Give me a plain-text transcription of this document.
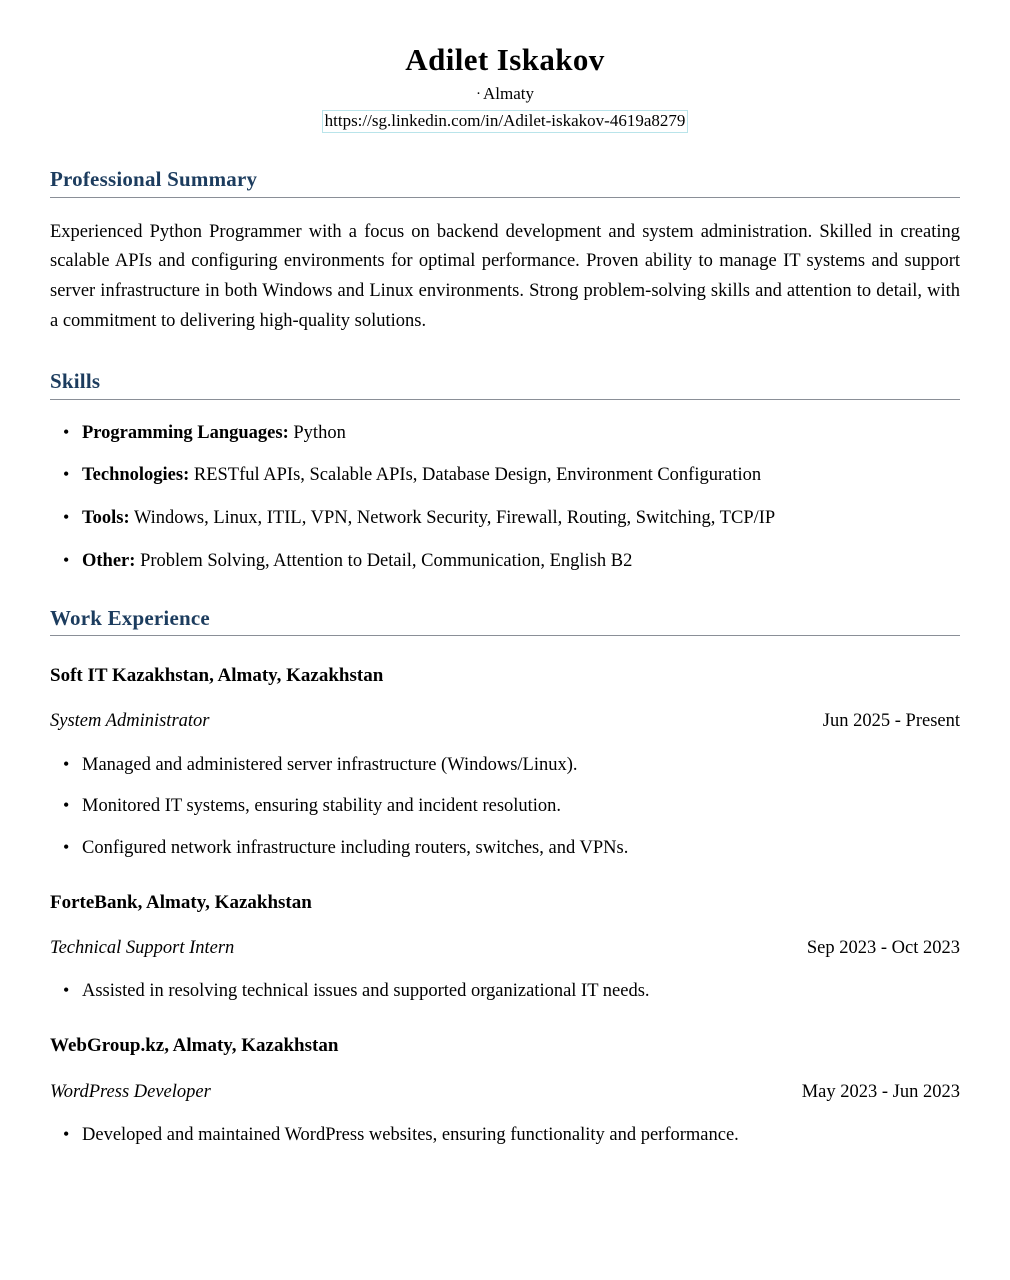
Adilet Iskakov
· Almaty
https://sg.linkedin.com/in/Adilet-iskakov-4619a8279
Professional Summary

Experienced Python Programmer with a focus on backend development and system administration. Skilled in creating scalable APIs and configuring environments for optimal performance. Proven ability to manage IT systems and support server infrastructure in both Windows and Linux environments. Strong problem-solving skills and attention to detail, with a commitment to delivering high-quality solutions.

Skills
• Programming Languages: Python
• Technologies: RESTful APIs, Scalable APIs, Database Design, Environment Configuration
• Tools: Windows, Linux, ITIL, VPN, Network Security, Firewall, Routing, Switching, TCP/IP
• Other: Problem Solving, Attention to Detail, Communication, English B2
Work Experience
Soft IT Kazakhstan, Almaty, Kazakhstan
System Administrator	Jun 2025 - Present
• Managed and administered server infrastructure (Windows/Linux).
• Monitored IT systems, ensuring stability and incident resolution.
• Configured network infrastructure including routers, switches, and VPNs.
ForteBank, Almaty, Kazakhstan
Technical Support Intern	Sep 2023 - Oct 2023
• Assisted in resolving technical issues and supported organizational IT needs.
WebGroup.kz, Almaty, Kazakhstan
WordPress Developer	May 2023 - Jun 2023
• Developed and maintained WordPress websites, ensuring functionality and performance.
